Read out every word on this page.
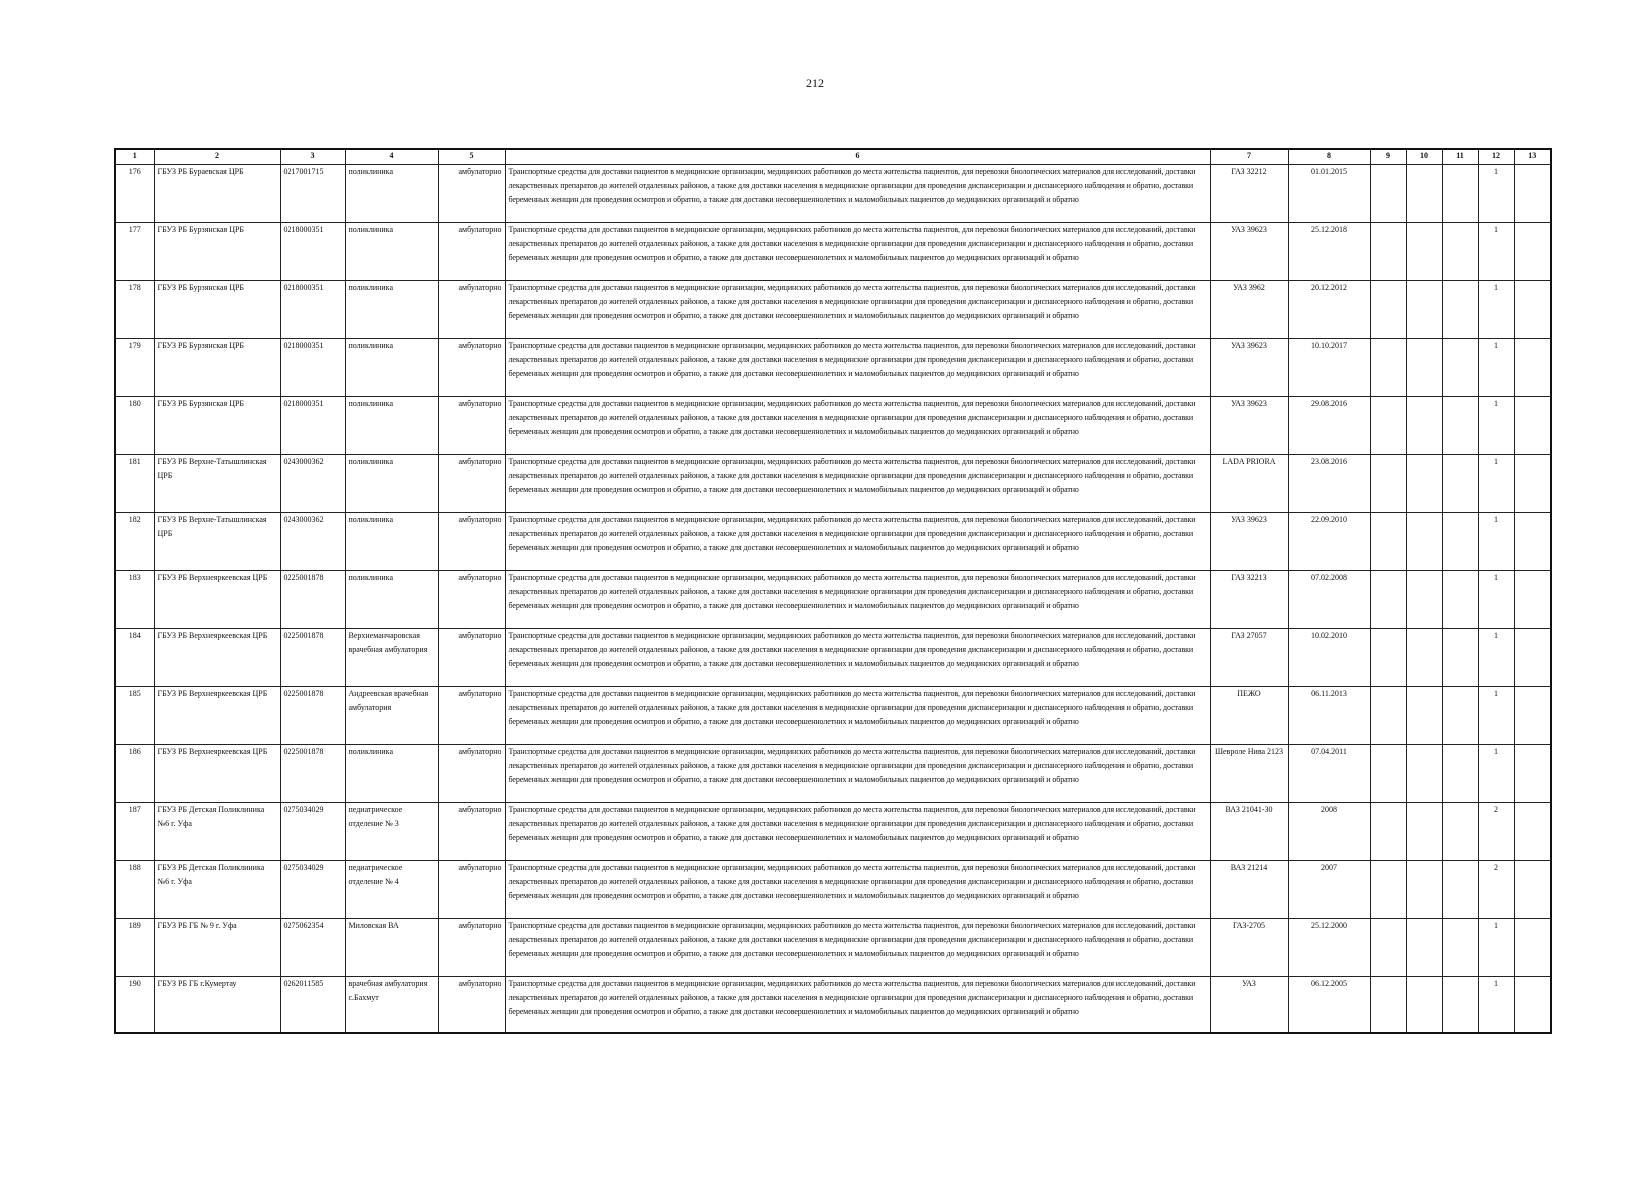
212
1	2	3	4	5	6	7	8	9	10	11	12	13
176	ГБУЗ РБ Бураевская ЦРБ	0217001715	поликлиника	амбулаторно	Транспортные средства для доставки пациентов в медицинские организации, медицинских работников до места жительства пациентов, для перевозки биологических материалов для исследований, доставки лекарственных препаратов до жителей отдаленных районов, а также для доставки населения в медицинские организации для проведения диспансеризации и диспансерного наблюдения и обратно, доставки беременных женщин для проведения осмотров и обратно, а также для доставки несовершеннолетних и маломобильных пациентов до медицинских организаций и обратно	ГАЗ 32212	01.01.2015				1	
177	ГБУЗ РБ Бурзянская ЦРБ	0218000351	поликлиника	амбулаторно	Транспортные средства для доставки пациентов в медицинские организации, медицинских работников до места жительства пациентов, для перевозки биологических материалов для исследований, доставки лекарственных препаратов до жителей отдаленных районов, а также для доставки населения в медицинские организации для проведения диспансеризации и диспансерного наблюдения и обратно, доставки беременных женщин для проведения осмотров и обратно, а также для доставки несовершеннолетних и маломобильных пациентов до медицинских организаций и обратно	УАЗ 39623	25.12.2018				1	
178	ГБУЗ РБ Бурзянская ЦРБ	0218000351	поликлиника	амбулаторно	Транспортные средства для доставки пациентов в медицинские организации, медицинских работников до места жительства пациентов, для перевозки биологических материалов для исследований, доставки лекарственных препаратов до жителей отдаленных районов, а также для доставки населения в медицинские организации для проведения диспансеризации и диспансерного наблюдения и обратно, доставки беременных женщин для проведения осмотров и обратно, а также для доставки несовершеннолетних и маломобильных пациентов до медицинских организаций и обратно	УАЗ 3962	20.12.2012				1	
179	ГБУЗ РБ Бурзянская ЦРБ	0218000351	поликлиника	амбулаторно	Транспортные средства для доставки пациентов в медицинские организации, медицинских работников до места жительства пациентов, для перевозки биологических материалов для исследований, доставки лекарственных препаратов до жителей отдаленных районов, а также для доставки населения в медицинские организации для проведения диспансеризации и диспансерного наблюдения и обратно, доставки беременных женщин для проведения осмотров и обратно, а также для доставки несовершеннолетних и маломобильных пациентов до медицинских организаций и обратно	УАЗ 39623	10.10.2017				1	
180	ГБУЗ РБ Бурзянская ЦРБ	0218000351	поликлиника	амбулаторно	Транспортные средства для доставки пациентов в медицинские организации, медицинских работников до места жительства пациентов, для перевозки биологических материалов для исследований, доставки лекарственных препаратов до жителей отдаленных районов, а также для доставки населения в медицинские организации для проведения диспансеризации и диспансерного наблюдения и обратно, доставки беременных женщин для проведения осмотров и обратно, а также для доставки несовершеннолетних и маломобильных пациентов до медицинских организаций и обратно	УАЗ 39623	29.08.2016				1	
181	ГБУЗ РБ Верхне-Татышлинская ЦРБ	0243000362	поликлиника	амбулаторно	Транспортные средства для доставки пациентов в медицинские организации, медицинских работников до места жительства пациентов, для перевозки биологических материалов для исследований, доставки лекарственных препаратов до жителей отдаленных районов, а также для доставки населения в медицинские организации для проведения диспансеризации и диспансерного наблюдения и обратно, доставки беременных женщин для проведения осмотров и обратно, а также для доставки несовершеннолетних и маломобильных пациентов до медицинских организаций и обратно	LADA PRIORA	23.08.2016				1	
182	ГБУЗ РБ Верхне-Татышлинская ЦРБ	0243000362	поликлиника	амбулаторно	Транспортные средства для доставки пациентов в медицинские организации, медицинских работников до места жительства пациентов, для перевозки биологических материалов для исследований, доставки лекарственных препаратов до жителей отдаленных районов, а также для доставки населения в медицинские организации для проведения диспансеризации и диспансерного наблюдения и обратно, доставки беременных женщин для проведения осмотров и обратно, а также для доставки несовершеннолетних и маломобильных пациентов до медицинских организаций и обратно	УАЗ 39623	22.09.2010				1	
183	ГБУЗ РБ Верхнеяркеевская ЦРБ	0225001878	поликлиника	амбулаторно	Транспортные средства для доставки пациентов в медицинские организации, медицинских работников до места жительства пациентов, для перевозки биологических материалов для исследований, доставки лекарственных препаратов до жителей отдаленных районов, а также для доставки населения в медицинские организации для проведения диспансеризации и диспансерного наблюдения и обратно, доставки беременных женщин для проведения осмотров и обратно, а также для доставки несовершеннолетних и маломобильных пациентов до медицинских организаций и обратно	ГАЗ 32213	07.02.2008				1	
184	ГБУЗ РБ Верхнеяркеевская ЦРБ	0225001878	Верхнеманчаровская врачебная амбулатория	амбулаторно	Транспортные средства для доставки пациентов в медицинские организации, медицинских работников до места жительства пациентов, для перевозки биологических материалов для исследований, доставки лекарственных препаратов до жителей отдаленных районов, а также для доставки населения в медицинские организации для проведения диспансеризации и диспансерного наблюдения и обратно, доставки беременных женщин для проведения осмотров и обратно, а также для доставки несовершеннолетних и маломобильных пациентов до медицинских организаций и обратно	ГАЗ 27057	10.02.2010				1	
185	ГБУЗ РБ Верхнеяркеевская ЦРБ	0225001878	Андреевская врачебная амбулатория	амбулаторно	Транспортные средства для доставки пациентов в медицинские организации, медицинских работников до места жительства пациентов, для перевозки биологических материалов для исследований, доставки лекарственных препаратов до жителей отдаленных районов, а также для доставки населения в медицинские организации для проведения диспансеризации и диспансерного наблюдения и обратно, доставки беременных женщин для проведения осмотров и обратно, а также для доставки несовершеннолетних и маломобильных пациентов до медицинских организаций и обратно	ПЕЖО	06.11.2013				1	
186	ГБУЗ РБ Верхнеяркеевская ЦРБ	0225001878	поликлиника	амбулаторно	Транспортные средства для доставки пациентов в медицинские организации, медицинских работников до места жительства пациентов, для перевозки биологических материалов для исследований, доставки лекарственных препаратов до жителей отдаленных районов, а также для доставки населения в медицинские организации для проведения диспансеризации и диспансерного наблюдения и обратно, доставки беременных женщин для проведения осмотров и обратно, а также для доставки несовершеннолетних и маломобильных пациентов до медицинских организаций и обратно	Шевроле Нива 2123	07.04.2011				1	
187	ГБУЗ РБ Детская Поликлиника №6 г. Уфа	0275034029	педиатрическое отделение № 3	амбулаторно	Транспортные средства для доставки пациентов в медицинские организации, медицинских работников до места жительства пациентов, для перевозки биологических материалов для исследований, доставки лекарственных препаратов до жителей отдаленных районов, а также для доставки населения в медицинские организации для проведения диспансеризации и диспансерного наблюдения и обратно, доставки беременных женщин для проведения осмотров и обратно, а также для доставки несовершеннолетних и маломобильных пациентов до медицинских организаций и обратно	ВАЗ 21041-30	2008				2	
188	ГБУЗ РБ Детская Поликлиника №6 г. Уфа	0275034029	педиатрическое отделение № 4	амбулаторно	Транспортные средства для доставки пациентов в медицинские организации, медицинских работников до места жительства пациентов, для перевозки биологических материалов для исследований, доставки лекарственных препаратов до жителей отдаленных районов, а также для доставки населения в медицинские организации для проведения диспансеризации и диспансерного наблюдения и обратно, доставки беременных женщин для проведения осмотров и обратно, а также для доставки несовершеннолетних и маломобильных пациентов до медицинских организаций и обратно	ВАЗ 21214	2007				2	
189	ГБУЗ РБ ГБ № 9 г. Уфа	0275062354	Миловская ВА	амбулаторно	Транспортные средства для доставки пациентов в медицинские организации, медицинских работников до места жительства пациентов, для перевозки биологических материалов для исследований, доставки лекарственных препаратов до жителей отдаленных районов, а также для доставки населения в медицинские организации для проведения диспансеризации и диспансерного наблюдения и обратно, доставки беременных женщин для проведения осмотров и обратно, а также для доставки несовершеннолетних и маломобильных пациентов до медицинских организаций и обратно	ГАЗ-2705	25.12.2000				1	
190	ГБУЗ РБ ГБ г.Кумертау	0262011585	врачебная амбулатория с.Бахмут	амбулаторно	Транспортные средства для доставки пациентов в медицинские организации, медицинских работников до места жительства пациентов, для перевозки биологических материалов для исследований, доставки лекарственных препаратов до жителей отдаленных районов, а также для доставки населения в медицинские организации для проведения диспансеризации и диспансерного наблюдения и обратно, доставки беременных женщин для проведения осмотров и обратно, а также для доставки несовершеннолетних и маломобильных пациентов до медицинских организаций и обратно	УАЗ	06.12.2005				1	
